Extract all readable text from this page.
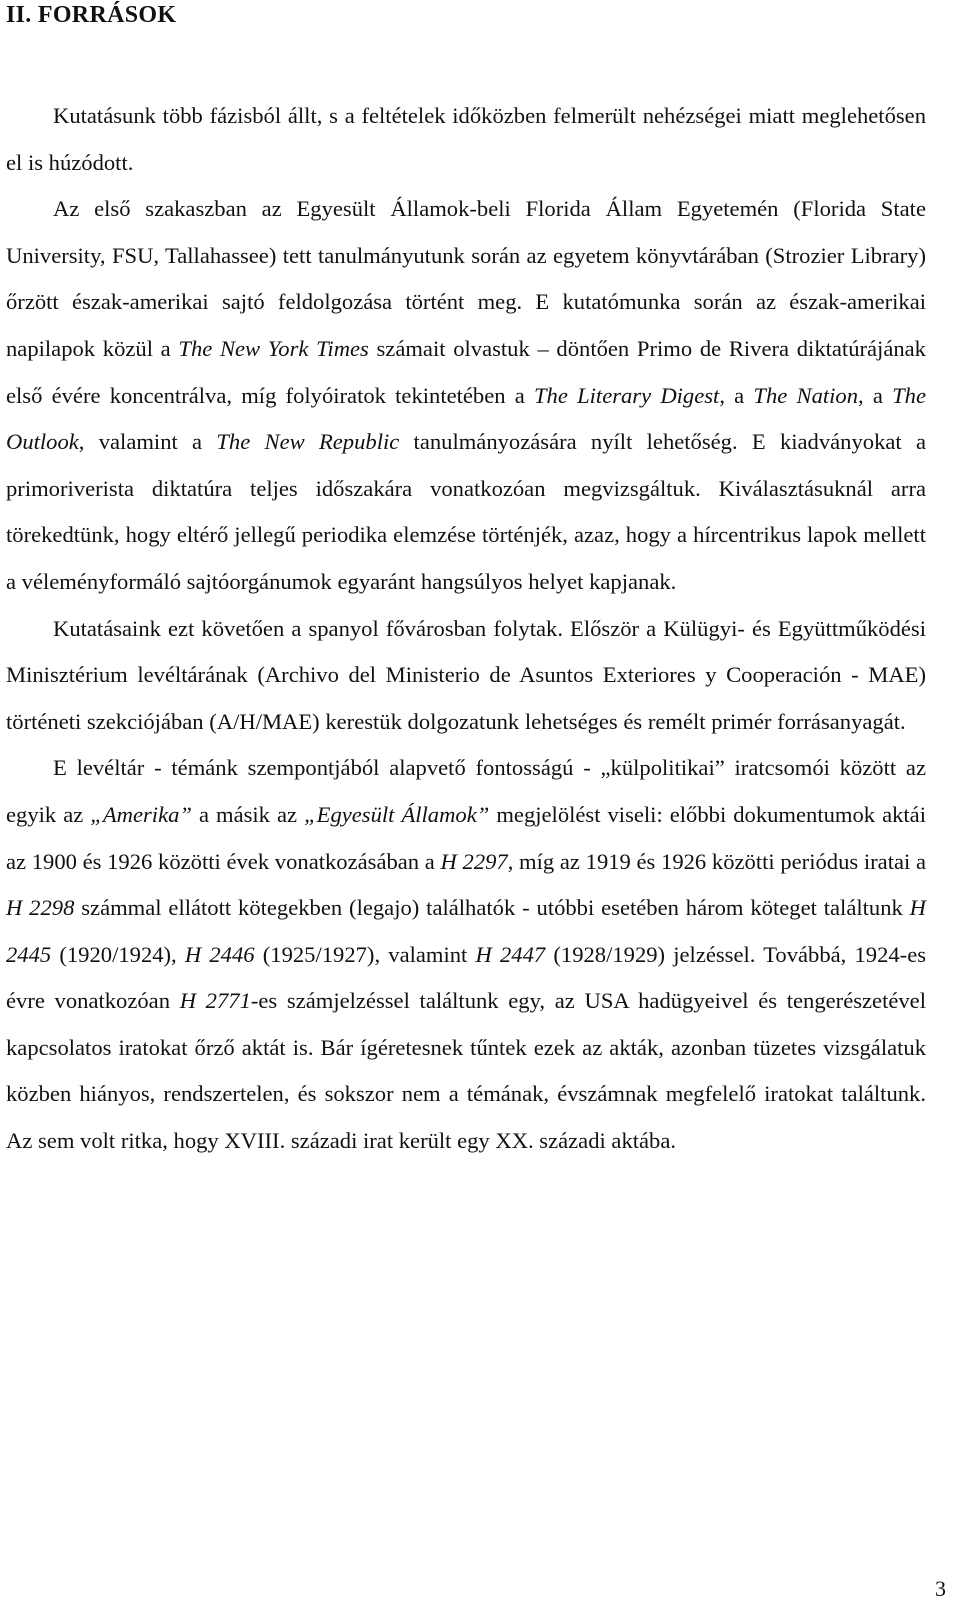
II. FORRÁSOK

Kutatásunk több fázisból állt, s a feltételek időközben felmerült nehézségei miatt meglehetősen el is húzódott.

Az első szakaszban az Egyesült Államok-beli Florida Állam Egyetemén (Florida State University, FSU, Tallahassee) tett tanulmányutunk során az egyetem könyvtárában (Strozier Library) őrzött észak-amerikai sajtó feldolgozása történt meg. E kutatómunka során az észak-amerikai napilapok közül a The New York Times számait olvastuk – döntően Primo de Rivera diktatúrájának első évére koncentrálva, míg folyóiratok tekintetében a The Literary Digest, a The Nation, a The Outlook, valamint a The New Republic tanulmányozására nyílt lehetőség. E kiadványokat a primoriverista diktatúra teljes időszakára vonatkozóan megvizsgáltuk. Kiválasztásuknál arra törekedtünk, hogy eltérő jellegű periodika elemzése történjék, azaz, hogy a hírcentrikus lapok mellett a véleményformáló sajtóorgánumok egyaránt hangsúlyos helyet kapjanak.

Kutatásaink ezt követően a spanyol fővárosban folytak. Először a Külügyi- és Együttműködési Minisztérium levéltárának (Archivo del Ministerio de Asuntos Exteriores y Cooperación - MAE) történeti szekciójában (A/H/MAE) kerestük dolgozatunk lehetséges és remélt primér forrásanyagát.

E levéltár - témánk szempontjából alapvető fontosságú - „külpolitikai” iratcsomói között az egyik az „Amerika” a másik az „Egyesült Államok” megjelölést viseli: előbbi dokumentumok aktái az 1900 és 1926 közötti évek vonatkozásában a H 2297, míg az 1919 és 1926 közötti periódus iratai a H 2298 számmal ellátott kötegekben (legajo) találhatók - utóbbi esetében három köteget találtunk H 2445 (1920/1924), H 2446 (1925/1927), valamint H 2447 (1928/1929) jelzéssel. Továbbá, 1924-es évre vonatkozóan H 2771-es számjelzéssel találtunk egy, az USA hadügyeivel és tengerészetével kapcsolatos iratokat őrző aktát is. Bár ígéretesnek tűntek ezek az akták, azonban tüzetes vizsgálatuk közben hiányos, rendszertelen, és sokszor nem a témának, évszámnak megfelelő iratokat találtunk. Az sem volt ritka, hogy XVIII. századi irat került egy XX. századi aktába.

3
